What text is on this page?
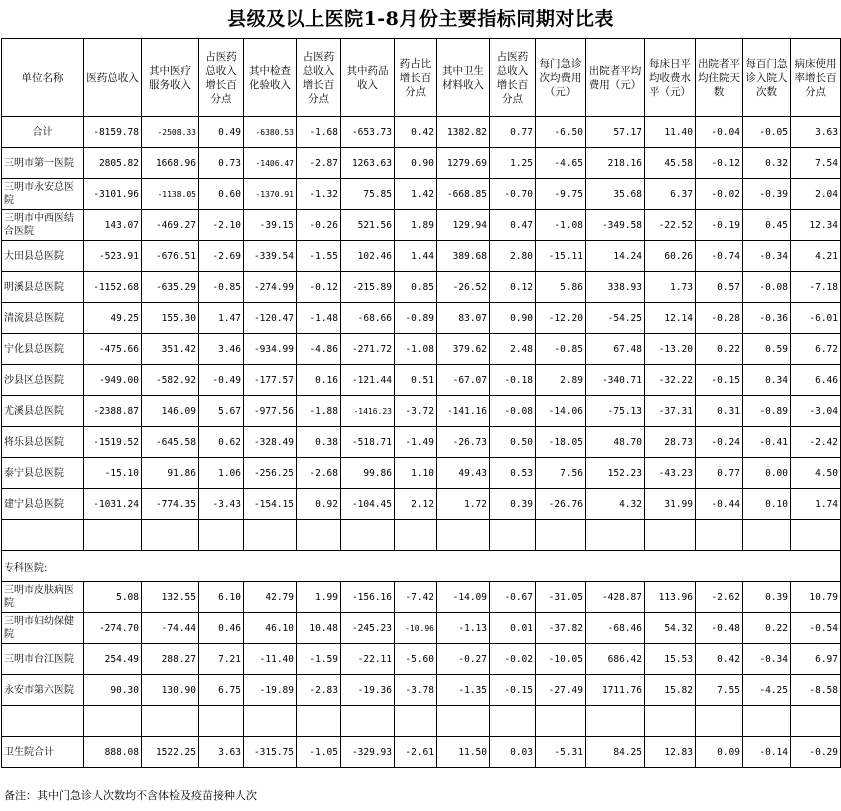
县级及以上医院1-8月份主要指标同期对比表
单位名称	医药总收入	其中医疗服务收入	占医药总收入增长百分点	其中检查化验收入	占医药总收入增长百分点	其中药品收入	药占比增长百分点	其中卫生材料收入	占医药总收入增长百分点	每门急诊次均费用（元）	出院者平均费用（元）	每床日平均收费水平（元）	出院者平均住院天数	每百门急诊入院人次数	病床使用率增长百分点
合计	-8159.78	-2508.33	0.49	-6380.53	-1.68	-653.73	0.42	1382.82	0.77	-6.50	57.17	11.40	-0.04	-0.05	3.63
三明市第一医院	2805.82	1668.96	0.73	-1406.47	-2.87	1263.63	0.90	1279.69	1.25	-4.65	218.16	45.58	-0.12	0.32	7.54
三明市永安总医院	-3101.96	-1138.05	0.60	-1370.91	-1.32	75.85	1.42	-668.85	-0.70	-9.75	35.68	6.37	-0.02	-0.39	2.04
三明市中西医结合医院	143.07	-469.27	-2.10	-39.15	-0.26	521.56	1.89	129.94	0.47	-1.08	-349.58	-22.52	-0.19	0.45	12.34
大田县总医院	-523.91	-676.51	-2.69	-339.54	-1.55	102.46	1.44	389.68	2.80	-15.11	14.24	60.26	-0.74	-0.34	4.21
明溪县总医院	-1152.68	-635.29	-0.85	-274.99	-0.12	-215.89	0.85	-26.52	0.12	5.86	338.93	1.73	0.57	-0.08	-7.18
清流县总医院	49.25	155.30	1.47	-120.47	-1.48	-68.66	-0.89	83.07	0.90	-12.20	-54.25	12.14	-0.28	-0.36	-6.01
宁化县总医院	-475.66	351.42	3.46	-934.99	-4.86	-271.72	-1.08	379.62	2.48	-0.85	67.48	-13.20	0.22	0.59	6.72
沙县区总医院	-949.00	-582.92	-0.49	-177.57	0.16	-121.44	0.51	-67.07	-0.18	2.89	-340.71	-32.22	-0.15	0.34	6.46
尤溪县总医院	-2388.87	146.09	5.67	-977.56	-1.88	-1416.23	-3.72	-141.16	-0.08	-14.06	-75.13	-37.31	0.31	-0.89	-3.04
将乐县总医院	-1519.52	-645.58	0.62	-328.49	0.38	-518.71	-1.49	-26.73	0.50	-18.05	48.70	28.73	-0.24	-0.41	-2.42
泰宁县总医院	-15.10	91.86	1.06	-256.25	-2.68	99.86	1.10	49.43	0.53	7.56	152.23	-43.23	0.77	0.00	4.50
建宁县总医院	-1031.24	-774.35	-3.43	-154.15	0.92	-104.45	2.12	1.72	0.39	-26.76	4.32	31.99	-0.44	0.10	1.74

专科医院:															
三明市皮肤病医院	5.08	132.55	6.10	42.79	1.99	-156.16	-7.42	-14.09	-0.67	-31.05	-428.87	113.96	-2.62	0.39	10.79
三明市妇幼保健院	-274.70	-74.44	0.46	46.10	10.48	-245.23	-10.96	-1.13	0.01	-37.82	-68.46	54.32	-0.48	0.22	-0.54
三明市台江医院	254.49	288.27	7.21	-11.40	-1.59	-22.11	-5.60	-0.27	-0.02	-10.05	686.42	15.53	0.42	-0.34	6.97
永安市第六医院	90.30	130.90	6.75	-19.89	-2.83	-19.36	-3.78	-1.35	-0.15	-27.49	1711.76	15.82	7.55	-4.25	-8.58

卫生院合计	888.08	1522.25	3.63	-315.75	-1.05	-329.93	-2.61	11.50	0.03	-5.31	84.25	12.83	0.09	-0.14	-0.29
备注：其中门急诊人次数均不含体检及疫苗接种人次
